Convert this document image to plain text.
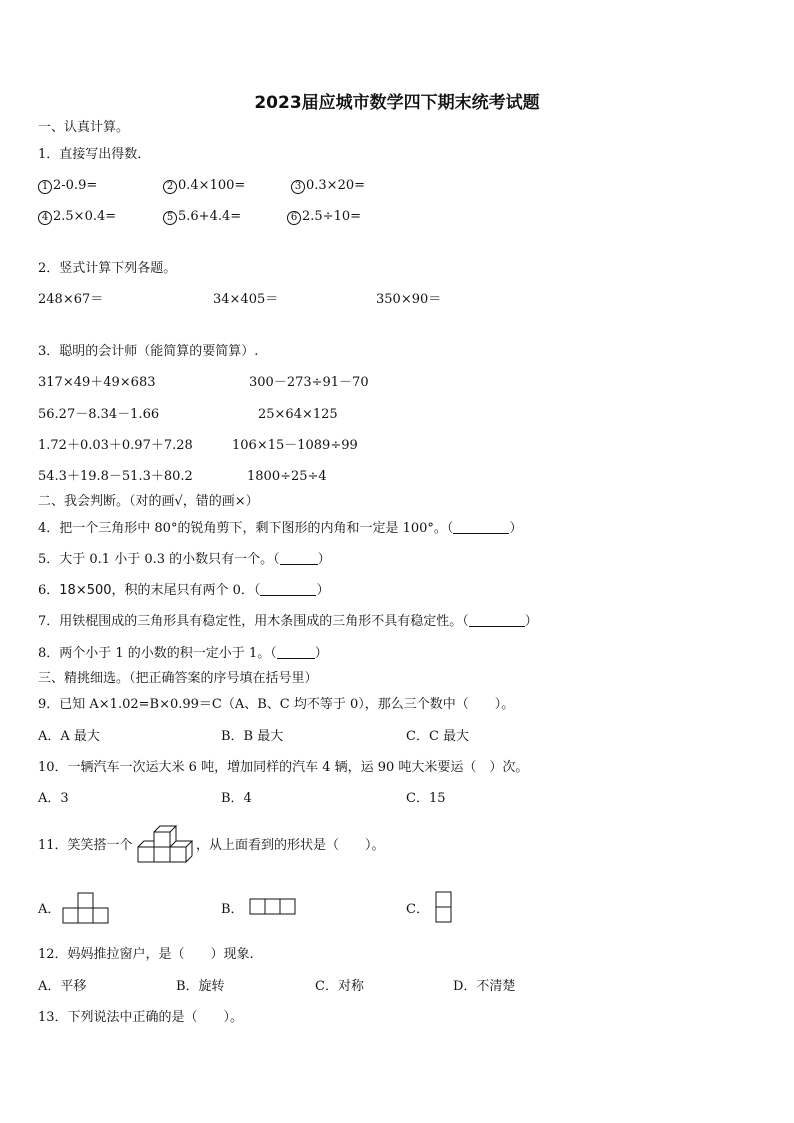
2023届应城市数学四下期末统考试题
一、认真计算。
1．直接写出得数．
1 2-0.9=	2 0.4×100=	3 0.3×20=
4 2.5×0.4=	5 5.6+4.4=	6 2.5÷10=
2．竖式计算下列各题。
248×67＝	34×405＝	350×90＝
3．聪明的会计师（能简算的要简算）.
317×49＋49×683	300－273÷91－70
56.27－8.34－1.66	25×64×125
1.72＋0.03＋0.97＋7.28	106×15－1089÷99
54.3＋19.8－51.3＋80.2	1800÷25÷4
二、我会判断。（对的画√，错的画×）
4．把一个三角形中 80°的锐角剪下，剩下图形的内角和一定是 100°。（	）
5．大于 0.1 小于 0.3 的小数只有一个。（	）
6．18×500，积的末尾只有两个 0．（	）
7．用铁棍围成的三角形具有稳定性，用木条围成的三角形不具有稳定性。（	）
8．两个小于 1 的小数的积一定小于 1。（	）
三、精挑细选。（把正确答案的序号填在括号里）
9．已知 A×1.02=B×0.99＝C（A、B、C 均不等于 0），那么三个数中（　　）。
A．A 最大	B．B 最大	C．C 最大
10．一辆汽车一次运大米 6 吨，增加同样的汽车 4 辆，运 90 吨大米要运（　）次。
A．3	B．4	C．15
11．笑笑搭一个	，从上面看到的形状是（　　）。
A．	B．	C．
12．妈妈推拉窗户，是（　　）现象.
A．平移	B．旋转	C．对称	D．不清楚
13．下列说法中正确的是（　　）。
